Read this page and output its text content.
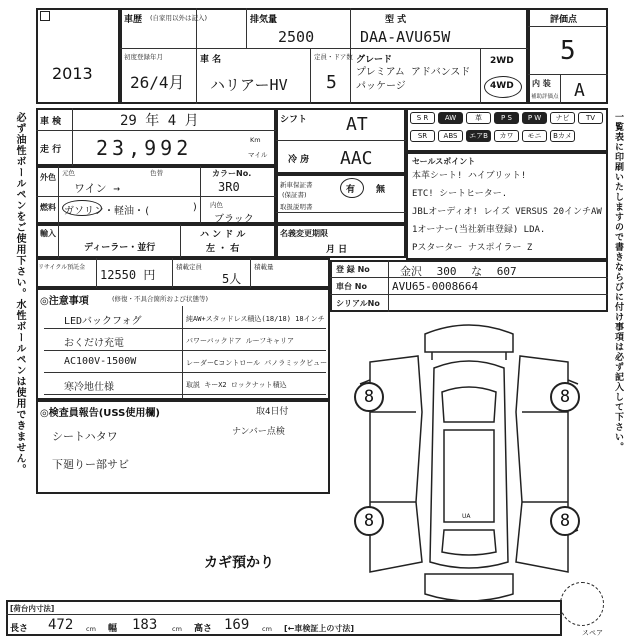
2013
車歴 (自家用以外は記入)	排気量
2500
型 式
DAA-AVU65W
初度登録年月
26/4月
車 名
ハリアーHV
定員・ドア数
5
グレード
プレミアム アドバンスドパッケージ
2WD
4WD
評価点
5
内 装
補助評価点 A
必ず油性ボールペンをご使用下さい。水性ボールペンは使用できません。	一覧表に印刷いたしますので書きならびに付け事項は必ず記入して下さい。
車 検	29 年 4 月
走 行 23,992	Km
マイル
シフト AT
冷 房 AAC
S R	AW	革	P S	P W	ナビ	TV
SR	ABS	エアB	カワ	モニ	Bカメ
外色 元色	色替
ワイン →
カラーNo.
3R0
燃料 ガソリン・軽油・(	) 内色
ブラック
新車保証書
(保証書)
取扱説明書
有 無
セールスポイント
本革シート! ハイブリット!
ETC! シートヒーター.
JBLオーディオ! レイズ VERSUS 20インチAW
1オーナー(当社新車登録) LDA.
Pスターター ナスポイラー Z
輸入
ディーラー・並行
ハ ン ド ル
左 ・ 右
名義変更期限
月 日
リサイクル預託金
12550 円
積載定員
5人
積載量	登 録 No	金沢 300 な 607
車台 No AVU65-0008664
シリアルNo
◎注意事項	(修復・不具合箇所および状態等)
LEDバックフォグ	純AW+スタッドレス積込(18/18) 18インチ
おくだけ充電	パワーバックドア ルーフキャリア
AC100V-1500W	レーダーCコントロール パノラミックビュー
寒冷地仕様	取説 キーX2 ロックナット積込
◎検査員報告(USS使用欄)	取4日付
シートハタワ	ナンバー点検
下廻りー部サビ
カギ預かり
UA
8	8
8	8
スペア
[荷台内寸法]
長さ 472 cm 幅 183 cm 高さ 169 cm [←車検証上の寸法]
